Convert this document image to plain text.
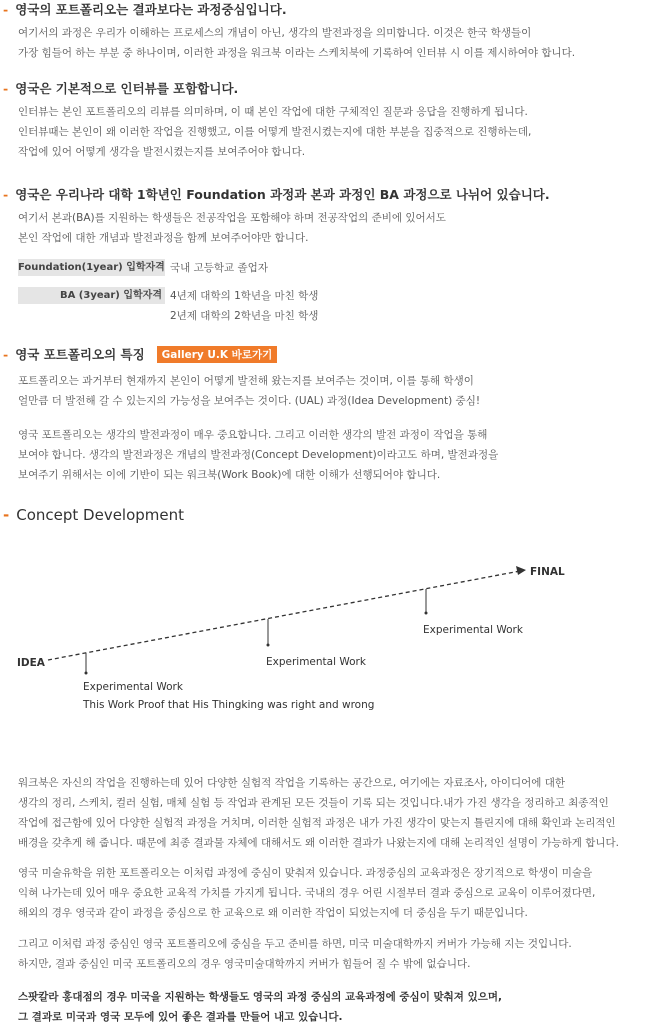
- 영국의 포트폴리오는 결과보다는 과정중심입니다.
여기서의 과정은 우리가 이해하는 프로세스의 개념이 아닌, 생각의 발전과정을 의미합니다. 이것은 한국 학생들이
가장 힘들어 하는 부분 중 하나이며, 이러한 과정을 워크북 이라는 스케치북에 기록하여 인터뷰 시 이를 제시하여야 합니다.
- 영국은 기본적으로 인터뷰를 포함합니다.
인터뷰는 본인 포트폴리오의 리뷰를 의미하며, 이 때 본인 작업에 대한 구체적인 질문과 응답을 진행하게 됩니다.
인터뷰때는 본인이 왜 이러한 작업을 진행했고, 이를 어떻게 발전시켰는지에 대한 부분을 집중적으로 진행하는데,
작업에 있어 어떻게 생각을 발전시켰는지를 보여주어야 합니다.
- 영국은 우리나라 대학 1학년인 Foundation 과정과 본과 과정인 BA 과정으로 나뉘어 있습니다.
여기서 본과(BA)를 지원하는 학생들은 전공작업을 포함해야 하며 전공작업의 준비에 있어서도
본인 작업에 대한 개념과 발전과정을 함께 보여주어야만 합니다.
Foundation(1year) 입학자격 국내 고등학교 졸업자
BA (3year) 입학자격 4년제 대학의 1학년을 마친 학생
2년제 대학의 2학년을 마친 학생
- 영국 포트폴리오의 특징 Gallery U.K 바로가기
포트폴리오는 과거부터 현재까지 본인이 어떻게 발전해 왔는지를 보여주는 것이며, 이를 통해 학생이
얼만큼 더 발전해 갈 수 있는지의 가능성을 보여주는 것이다. (UAL) 과정(Idea Development) 중심!
영국 포트폴리오는 생각의 발전과정이 매우 중요합니다. 그리고 이러한 생각의 발전 과정이 작업을 통해
보여야 합니다. 생각의 발전과정은 개념의 발전과정(Concept Development)이라고도 하며, 발전과정을
보여주기 위해서는 이에 기반이 되는 워크북(Work Book)에 대한 이해가 선행되어야 합니다.
- Concept Development
IDEA
FINAL
Experimental Work
This Work Proof that His Thingking was right and wrong
Experimental Work
Experimental Work
워크북은 자신의 작업을 진행하는데 있어 다양한 실험적 작업을 기록하는 공간으로, 여기에는 자료조사, 아이디어에 대한
생각의 정리, 스케치, 컬러 실험, 매체 실험 등 작업과 관계된 모든 것들이 기록 되는 것입니다.내가 가진 생각을 정리하고 최종적인
작업에 접근함에 있어 다양한 실험적 과정을 거치며, 이러한 실험적 과정은 내가 가진 생각이 맞는지 틀린지에 대해 확인과 논리적인
배경을 갖추게 해 줍니다. 때문에 최종 결과물 자체에 대해서도 왜 이러한 결과가 나왔는지에 대해 논리적인 설명이 가능하게 합니다.
영국 미술유학을 위한 포트폴리오는 이처럼 과정에 중심이 맞춰져 있습니다. 과정중심의 교육과정은 장기적으로 학생이 미술을
익혀 나가는데 있어 매우 중요한 교육적 가치를 가지게 됩니다. 국내의 경우 어린 시절부터 결과 중심으로 교육이 이루어졌다면,
해외의 경우 영국과 같이 과정을 중심으로 한 교육으로 왜 이러한 작업이 되었는지에 더 중심을 두기 때문입니다.
그리고 이처럼 과정 중심인 영국 포트폴리오에 중심을 두고 준비를 하면, 미국 미술대학까지 커버가 가능해 지는 것입니다.
하지만, 결과 중심인 미국 포트폴리오의 경우 영국미술대학까지 커버가 힘들어 질 수 밖에 없습니다.
스팟칼라 홍대점의 경우 미국을 지원하는 학생들도 영국의 과정 중심의 교육과정에 중심이 맞춰져 있으며,
그 결과로 미국과 영국 모두에 있어 좋은 결과를 만들어 내고 있습니다.
